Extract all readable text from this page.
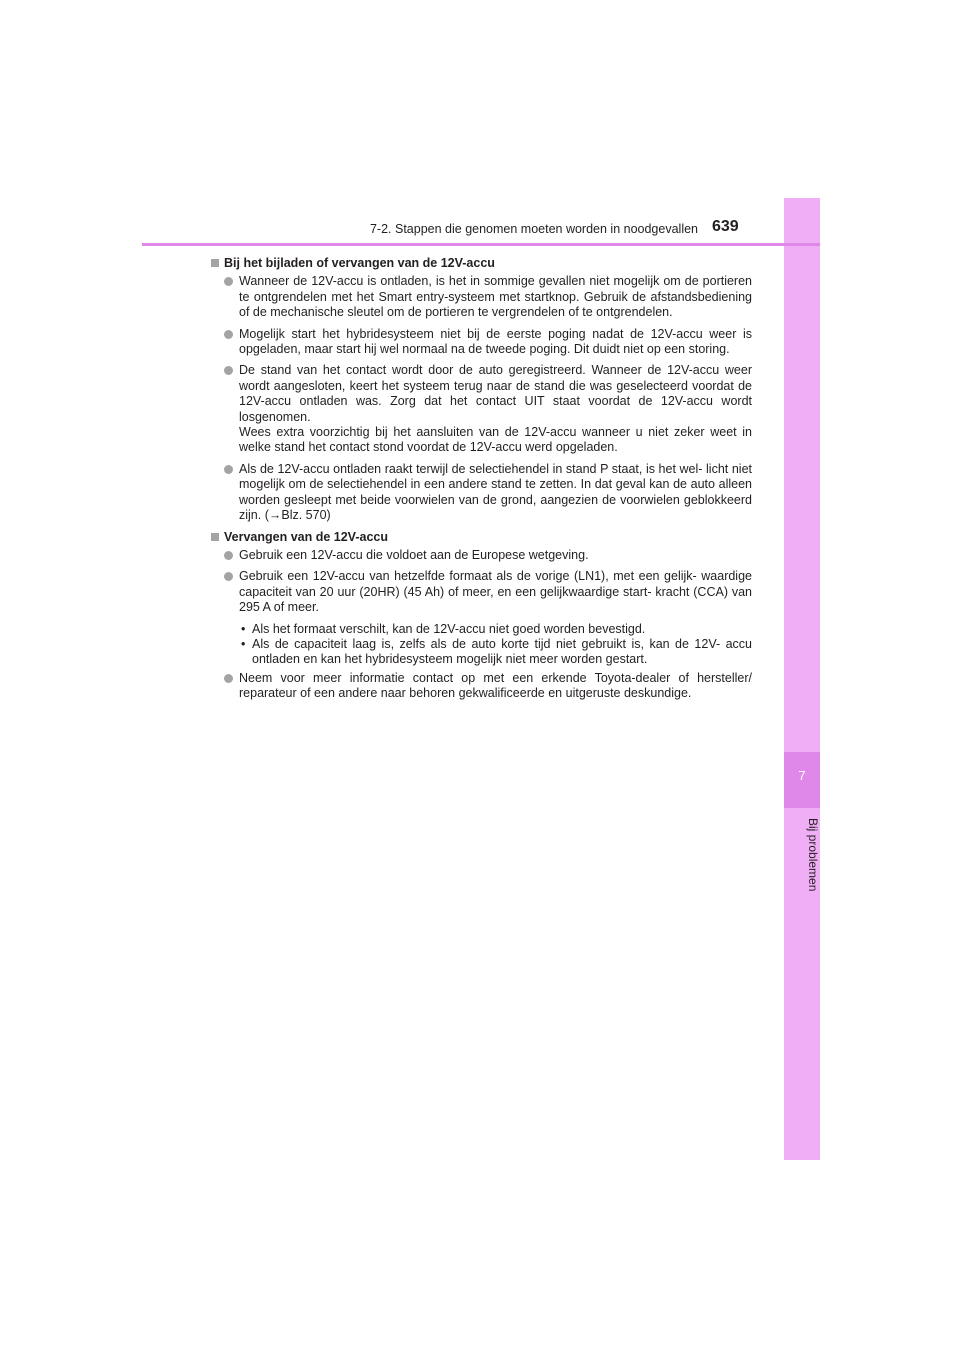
7
Bij problemen
7-2. Stappen die genomen moeten worden in noodgevallen 639
Bij het bijladen of vervangen van de 12V-accu
Wanneer de 12V-accu is ontladen, is het in sommige gevallen niet mogelijk om de portieren te ontgrendelen met het Smart entry-systeem met startknop. Gebruik de afstandsbediening of de mechanische sleutel om de portieren te vergrendelen of te ontgrendelen.
Mogelijk start het hybridesysteem niet bij de eerste poging nadat de 12V-accu weer is opgeladen, maar start hij wel normaal na de tweede poging. Dit duidt niet op een storing.
De stand van het contact wordt door de auto geregistreerd. Wanneer de 12V-accu weer wordt aangesloten, keert het systeem terug naar de stand die was geselecteerd voordat de 12V-accu ontladen was. Zorg dat het contact UIT staat voordat de 12V-accu wordt losgenomen.
Wees extra voorzichtig bij het aansluiten van de 12V-accu wanneer u niet zeker weet in welke stand het contact stond voordat de 12V-accu werd opgeladen.
Als de 12V-accu ontladen raakt terwijl de selectiehendel in stand P staat, is het wel- licht niet mogelijk om de selectiehendel in een andere stand te zetten. In dat geval kan de auto alleen worden gesleept met beide voorwielen van de grond, aangezien de voorwielen geblokkeerd zijn. (→Blz. 570)
Vervangen van de 12V-accu
Gebruik een 12V-accu die voldoet aan de Europese wetgeving.
Gebruik een 12V-accu van hetzelfde formaat als de vorige (LN1), met een gelijk- waardige capaciteit van 20 uur (20HR) (45 Ah) of meer, en een gelijkwaardige start- kracht (CCA) van 295 A of meer.
• Als het formaat verschilt, kan de 12V-accu niet goed worden bevestigd.
• Als de capaciteit laag is, zelfs als de auto korte tijd niet gebruikt is, kan de 12V- accu ontladen en kan het hybridesysteem mogelijk niet meer worden gestart.
Neem voor meer informatie contact op met een erkende Toyota-dealer of hersteller/ reparateur of een andere naar behoren gekwalificeerde en uitgeruste deskundige.
